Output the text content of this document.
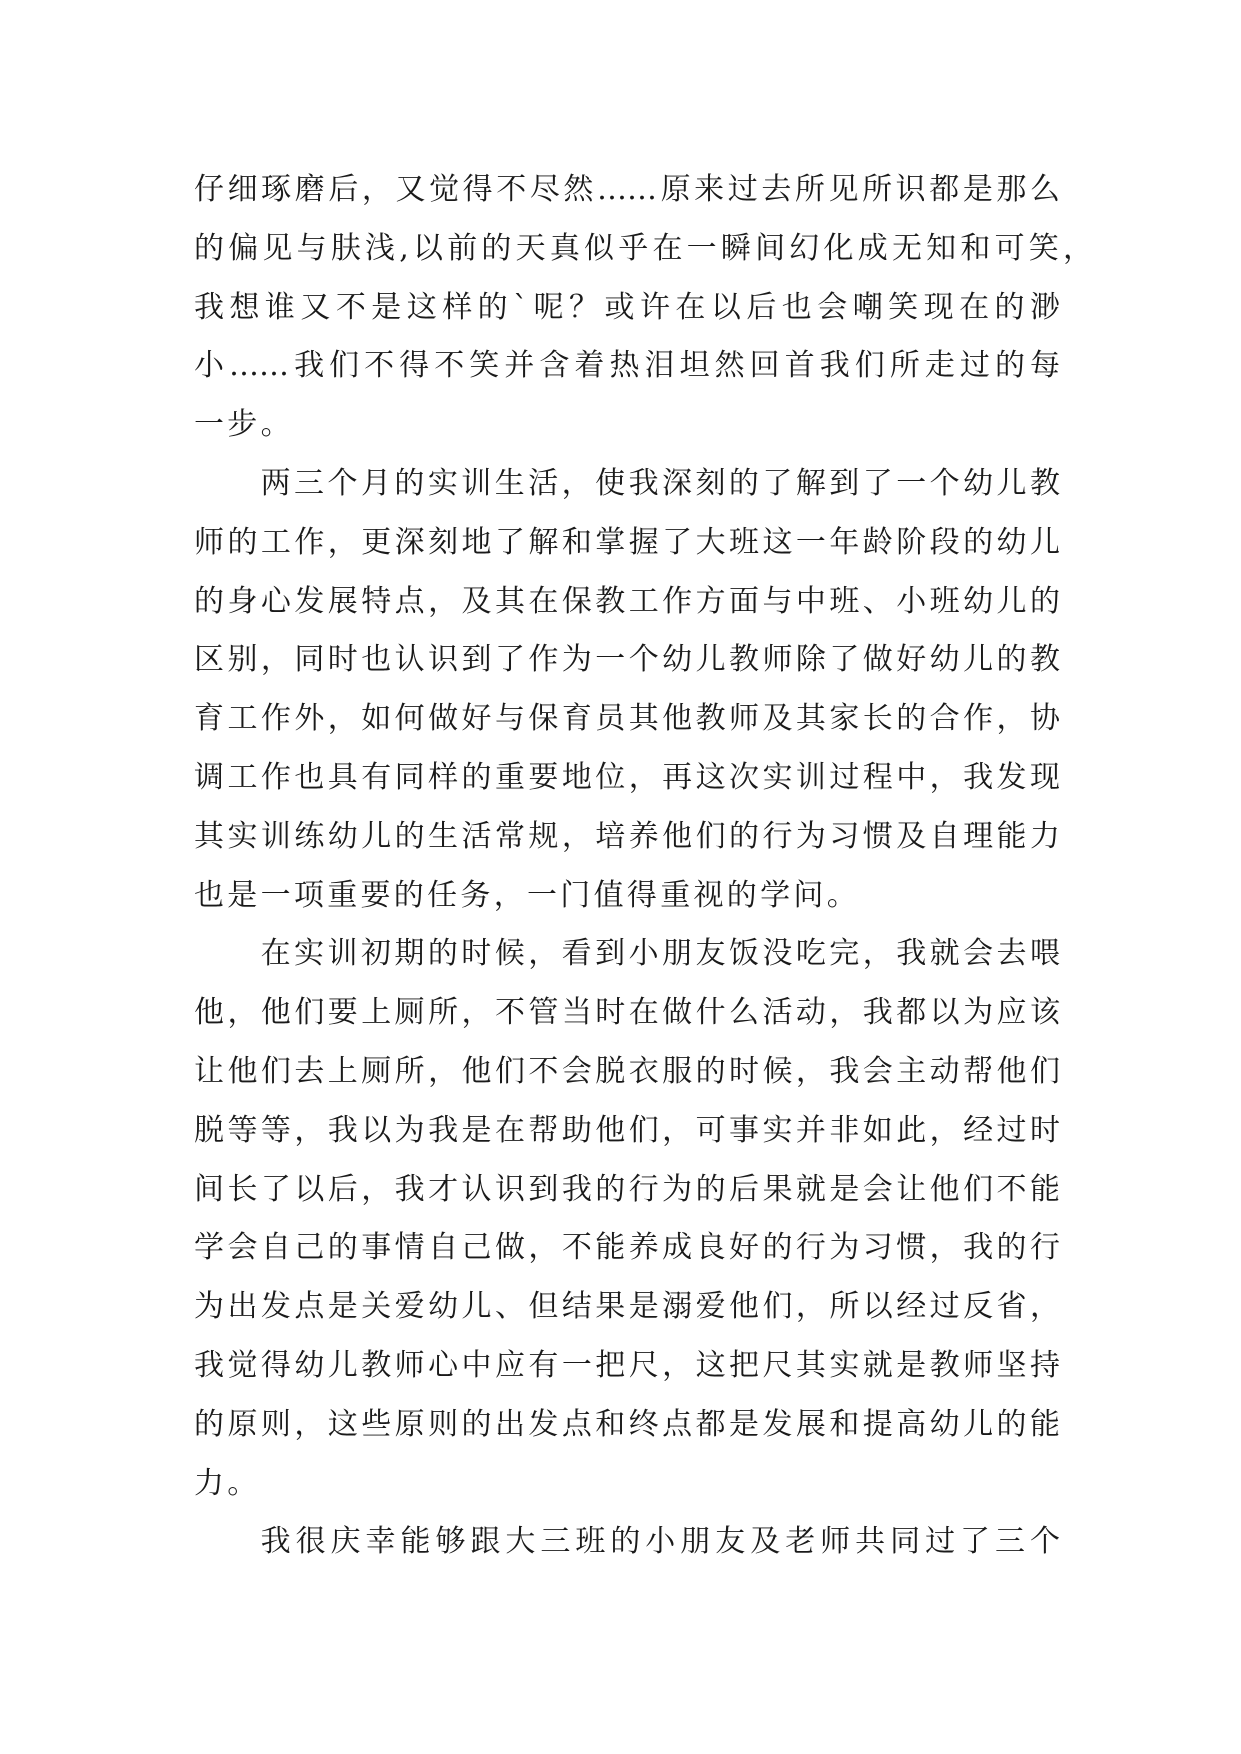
仔细琢磨后，又觉得不尽然……原来过去所见所识都是那么
的偏见与肤浅,以前的天真似乎在一瞬间幻化成无知和可笑，
我想谁又不是这样的`呢？或许在以后也会嘲笑现在的渺
小……我们不得不笑并含着热泪坦然回首我们所走过的每
一步。
两三个月的实训生活，使我深刻的了解到了一个幼儿教
师的工作，更深刻地了解和掌握了大班这一年龄阶段的幼儿
的身心发展特点，及其在保教工作方面与中班、小班幼儿的
区别，同时也认识到了作为一个幼儿教师除了做好幼儿的教
育工作外，如何做好与保育员其他教师及其家长的合作，协
调工作也具有同样的重要地位，再这次实训过程中，我发现
其实训练幼儿的生活常规，培养他们的行为习惯及自理能力
也是一项重要的任务，一门值得重视的学问。
在实训初期的时候，看到小朋友饭没吃完，我就会去喂
他，他们要上厕所，不管当时在做什么活动，我都以为应该
让他们去上厕所，他们不会脱衣服的时候，我会主动帮他们
脱等等，我以为我是在帮助他们，可事实并非如此，经过时
间长了以后，我才认识到我的行为的后果就是会让他们不能
学会自己的事情自己做，不能养成良好的行为习惯，我的行
为出发点是关爱幼儿、但结果是溺爱他们，所以经过反省，
我觉得幼儿教师心中应有一把尺，这把尺其实就是教师坚持
的原则，这些原则的出发点和终点都是发展和提高幼儿的能
力。
我很庆幸能够跟大三班的小朋友及老师共同过了三个
